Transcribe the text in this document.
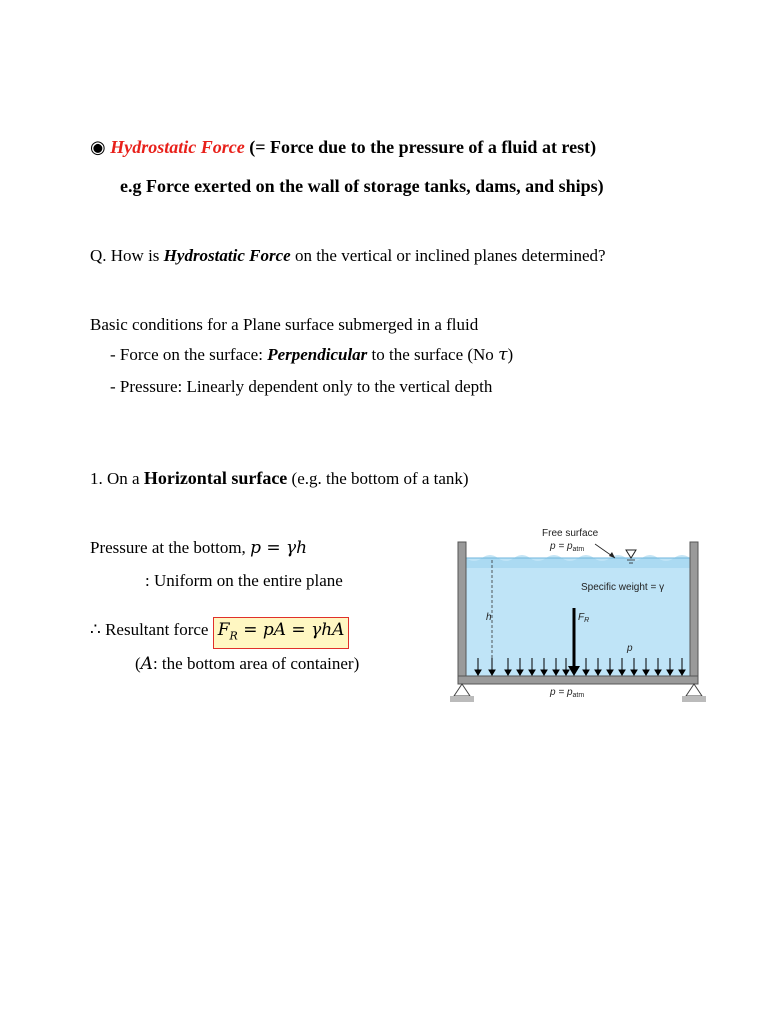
◉ Hydrostatic Force (= Force due to the pressure of a fluid at rest)
e.g Force exerted on the wall of storage tanks, dams, and ships)
Q. How is Hydrostatic Force on the vertical or inclined planes determined?
Basic conditions for a Plane surface submerged in a fluid
- Force on the surface: Perpendicular to the surface (No τ)
- Pressure: Linearly dependent only to the vertical depth
1. On a Horizontal surface (e.g. the bottom of a tank)
Pressure at the bottom, p = γh
: Uniform on the entire plane
∴ Resultant force $F_R$ = pA = γhA
(A: the bottom area of container)
Free surface
$p = p_{atm}$
Specific weight = γ
h	$F_R$
p
$p = p_{atm}$
